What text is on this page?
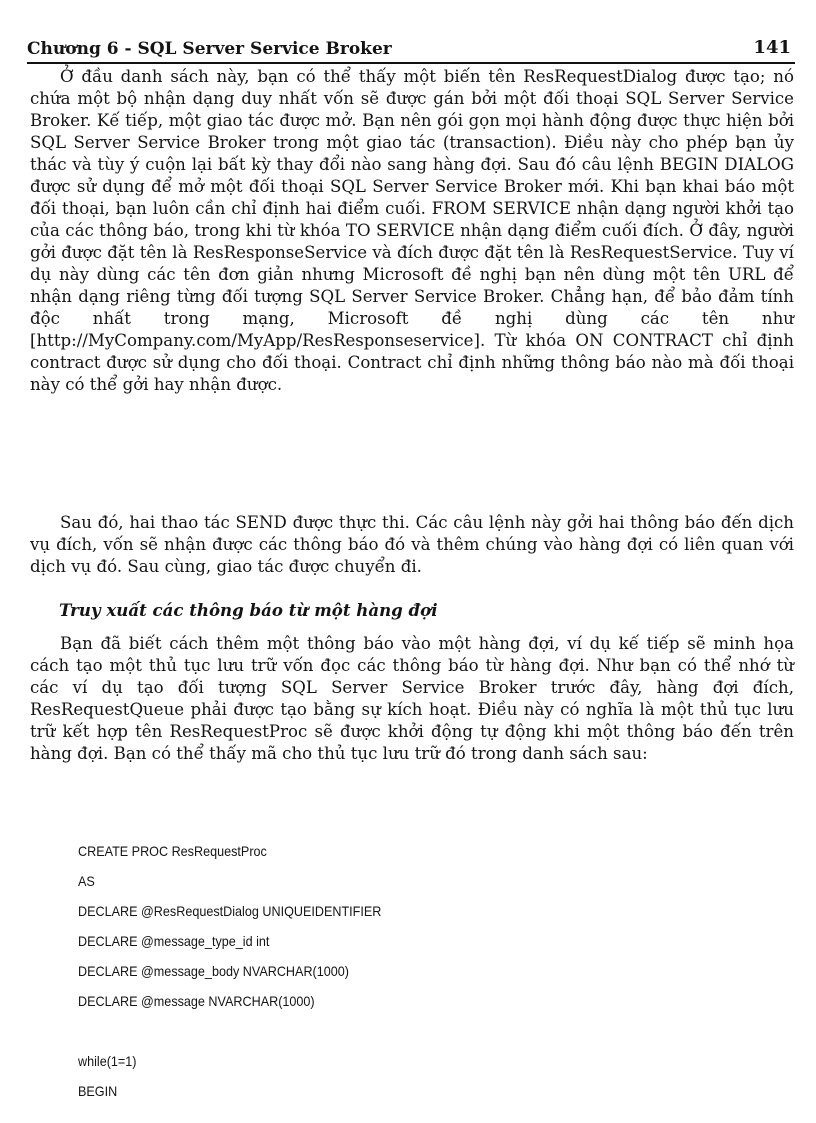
Chương 6 - SQL Server Service Broker	141

Ở đầu danh sách này, bạn có thể thấy một biến tên ResRequestDialog được tạo; nó chứa một bộ nhận dạng duy nhất vốn sẽ được gán bởi một đối thoại SQL Server Service Broker. Kế tiếp, một giao tác được mở. Bạn nên gói gọn mọi hành động được thực hiện bởi SQL Server Service Broker trong một giao tác (transaction). Điều này cho phép bạn ủy thác và tùy ý cuộn lại bất kỳ thay đổi nào sang hàng đợi. Sau đó câu lệnh BEGIN DIALOG được sử dụng để mở một đối thoại SQL Server Service Broker mới. Khi bạn khai báo một đối thoại, bạn luôn cần chỉ định hai điểm cuối. FROM SERVICE nhận dạng người khởi tạo của các thông báo, trong khi từ khóa TO SERVICE nhận dạng điểm cuối đích. Ở đây, người gởi được đặt tên là ResResponseService và đích được đặt tên là ResRequestService. Tuy ví dụ này dùng các tên đơn giản nhưng Microsoft đề nghị bạn nên dùng một tên URL để nhận dạng riêng từng đối tượng SQL Server Service Broker. Chẳng hạn, để bảo đảm tính độc nhất trong mạng, Microsoft đề nghị dùng các tên như [http://MyCompany.com/MyApp/ResResponseservice]. Từ khóa ON CONTRACT chỉ định contract được sử dụng cho đối thoại. Contract chỉ định những thông báo nào mà đối thoại này có thể gởi hay nhận được.

Sau đó, hai thao tác SEND được thực thi. Các câu lệnh này gởi hai thông báo đến dịch vụ đích, vốn sẽ nhận được các thông báo đó và thêm chúng vào hàng đợi có liên quan với dịch vụ đó. Sau cùng, giao tác được chuyển đi.

Truy xuất các thông báo từ một hàng đợi

Bạn đã biết cách thêm một thông báo vào một hàng đợi, ví dụ kế tiếp sẽ minh họa cách tạo một thủ tục lưu trữ vốn đọc các thông báo từ hàng đợi. Như bạn có thể nhớ từ các ví dụ tạo đối tượng SQL Server Service Broker trước đây, hàng đợi đích, ResRequestQueue phải được tạo bằng sự kích hoạt. Điều này có nghĩa là một thủ tục lưu trữ kết hợp tên ResRequestProc sẽ được khởi động tự động khi một thông báo đến trên hàng đợi. Bạn có thể thấy mã cho thủ tục lưu trữ đó trong danh sách sau:

CREATE PROC ResRequestProc
AS
DECLARE @ResRequestDialog UNIQUEIDENTIFIER
DECLARE @message_type_id int
DECLARE @message_body NVARCHAR(1000)
DECLARE @message NVARCHAR(1000)
while(1=1)
BEGIN
